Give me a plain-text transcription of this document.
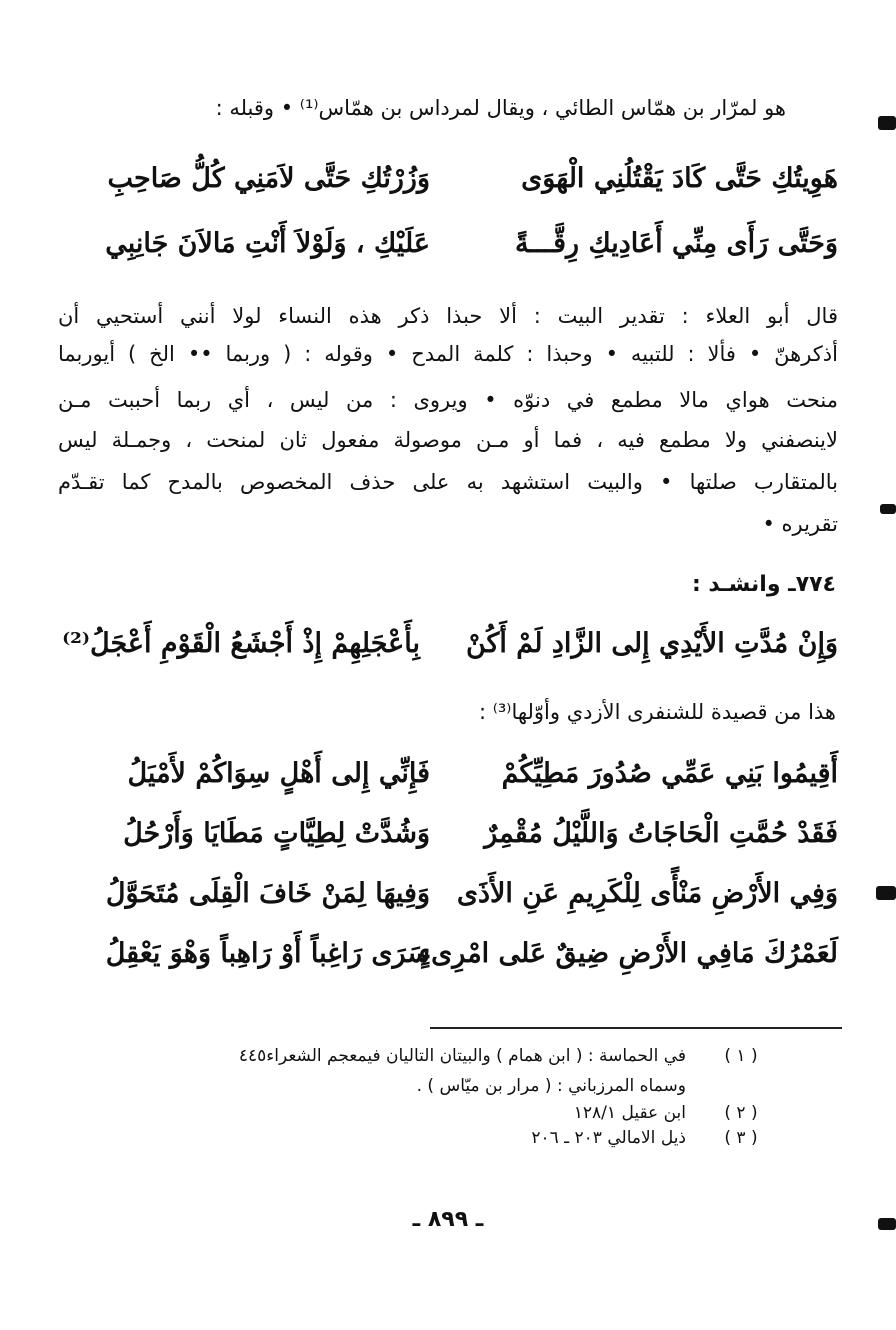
هو لمرّار بن همّاس الطائي ، ويقال لمرداس بن همّاس⁽¹⁾ • وقبله :
هَوِيتُكِ حَتَّى كَادَ يَقْتُلُنِي الْهَوَى
وَزُرْتُكِ حَتَّى لاَمَنِي كُلُّ صَاحِبِ
وَحَتَّى رَأَى مِنِّي أَعَادِيكِ رِقَّـــةً
عَلَيْكِ ، وَلَوْلاَ أَنْتِ مَالاَنَ جَانِبِي
قال أبو العلاء : تقدير البيت : ألا حبذا ذكر هذه النساء لولا أنني أستحيي أن
أذكرهنّ • فألا : للتبيه • وحبذا : كلمة المدح • وقوله : ( وربما •• الخ ) أيوربما
منحت هواي مالا مطمع في دنوّه • ويروى : من ليس ، أي ربما أحببت مـن
لاينصفني ولا مطمع فيه ، فما أو مـن موصولة مفعول ثان لمنحت ، وجمـلة ليس
بالمتقارب صلتها • والبيت استشهد به على حذف المخصوص بالمدح كما تقـدّم
تقريره •
٧٧٤ـ وانشـد :
وَإِنْ مُدَّتِ الأَيْدِي إِلى الزَّادِ لَمْ أَكُنْ
بِأَعْجَلِهِمْ إِذْ أَجْشَعُ الْقَوْمِ أَعْجَلُ⁽²⁾
هذا من قصيدة للشنفرى الأزدي وأوّلها⁽³⁾ :
أَقِيمُوا بَنِي عَمِّي صُدُورَ مَطِيِّكُمْ
فَإِنِّي إِلى أَهْلٍ سِوَاكُمْ لأَمْيَلُ
فَقَدْ حُمَّتِ الْحَاجَاتُ وَاللَّيْلُ مُقْمِرٌ
وَشُدَّتْ لِطِيَّاتٍ مَطَايَا وَأَرْحُلُ
وَفِي الأَرْضِ مَنْأًى لِلْكَرِيمِ عَنِ الأَذَى
وَفِيهَا لِمَنْ خَافَ الْقِلَى مُتَحَوَّلُ
لَعَمْرُكَ مَافِي الأَرْضِ ضِيقٌ عَلى امْرِىءٍ
سَرَى رَاغِباً أَوْ رَاهِباً وَهْوَ يَعْقِلُ
( ١ )
في الحماسة : ( ابن همام ) والبيتان التاليان فيمعجم الشعراء٤٤٥
وسماه المرزباني : ( مرار بن ميّاس ) .
( ٢ )
ابن عقيل ١٢٨/١
( ٣ )
ذيل الامالي ٢٠٣ ـ ٢٠٦
ـ ٨٩٩ ـ
